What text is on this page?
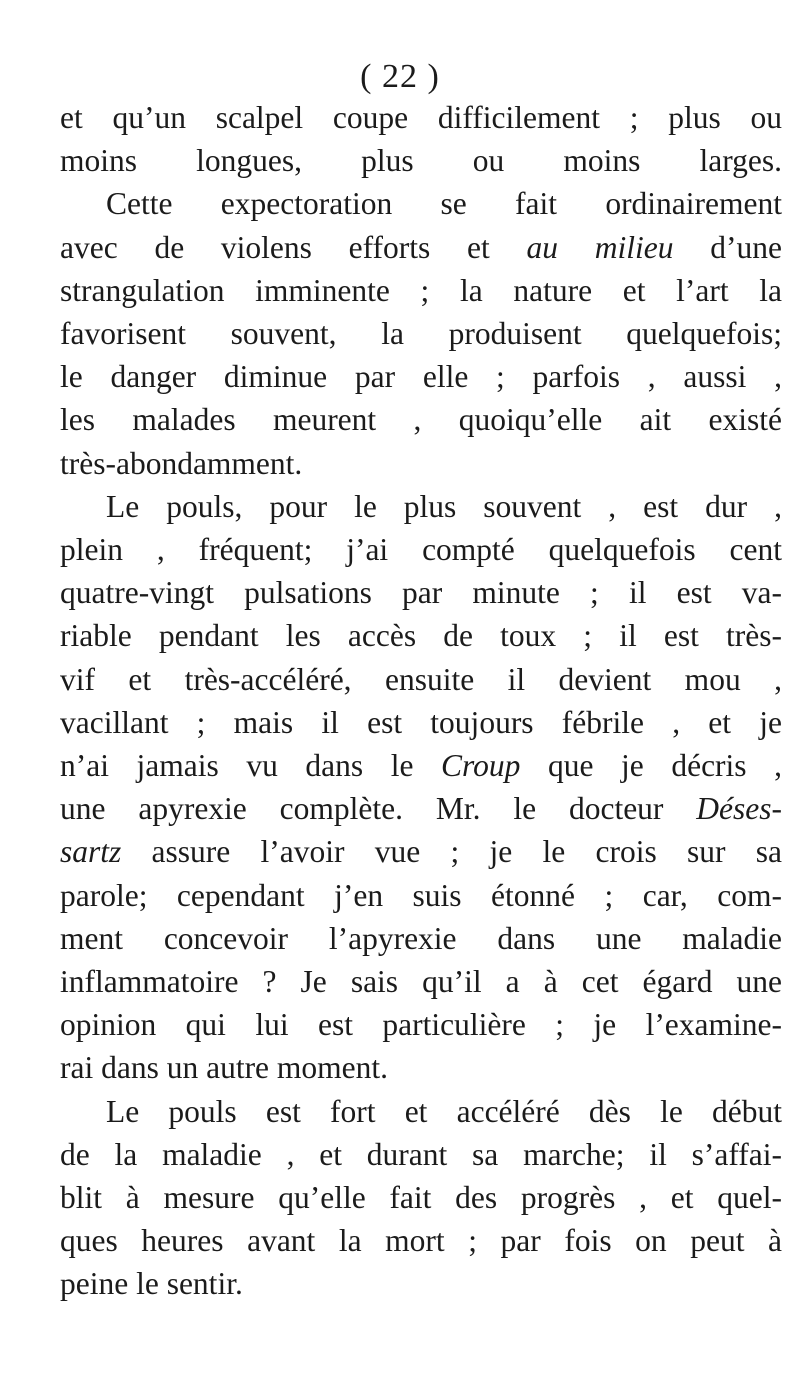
( 22 )
et qu’un scalpel coupe difficilement ; plus ou
moins longues, plus ou moins larges.
Cette expectoration se fait ordinairement
avec de violens efforts et au milieu d’une
strangulation imminente ; la nature et l’art la
favorisent souvent, la produisent quelquefois;
le danger diminue par elle ; parfois , aussi ,
les malades meurent , quoiqu’elle ait existé
très-abondamment.
Le pouls, pour le plus souvent , est dur ,
plein , fréquent; j’ai compté quelquefois cent
quatre-vingt pulsations par minute ; il est va-
riable pendant les accès de toux ; il est très-
vif et très-accéléré, ensuite il devient mou ,
vacillant ; mais il est toujours fébrile , et je
n’ai jamais vu dans le Croup que je décris ,
une apyrexie complète. Mr. le docteur Déses-
sartz assure l’avoir vue ; je le crois sur sa
parole; cependant j’en suis étonné ; car, com-
ment concevoir l’apyrexie dans une maladie
inflammatoire ? Je sais qu’il a à cet égard une
opinion qui lui est particulière ; je l’examine-
rai dans un autre moment.
Le pouls est fort et accéléré dès le début
de la maladie , et durant sa marche; il s’affai-
blit à mesure qu’elle fait des progrès , et quel-
ques heures avant la mort ; par fois on peut à
peine le sentir.
